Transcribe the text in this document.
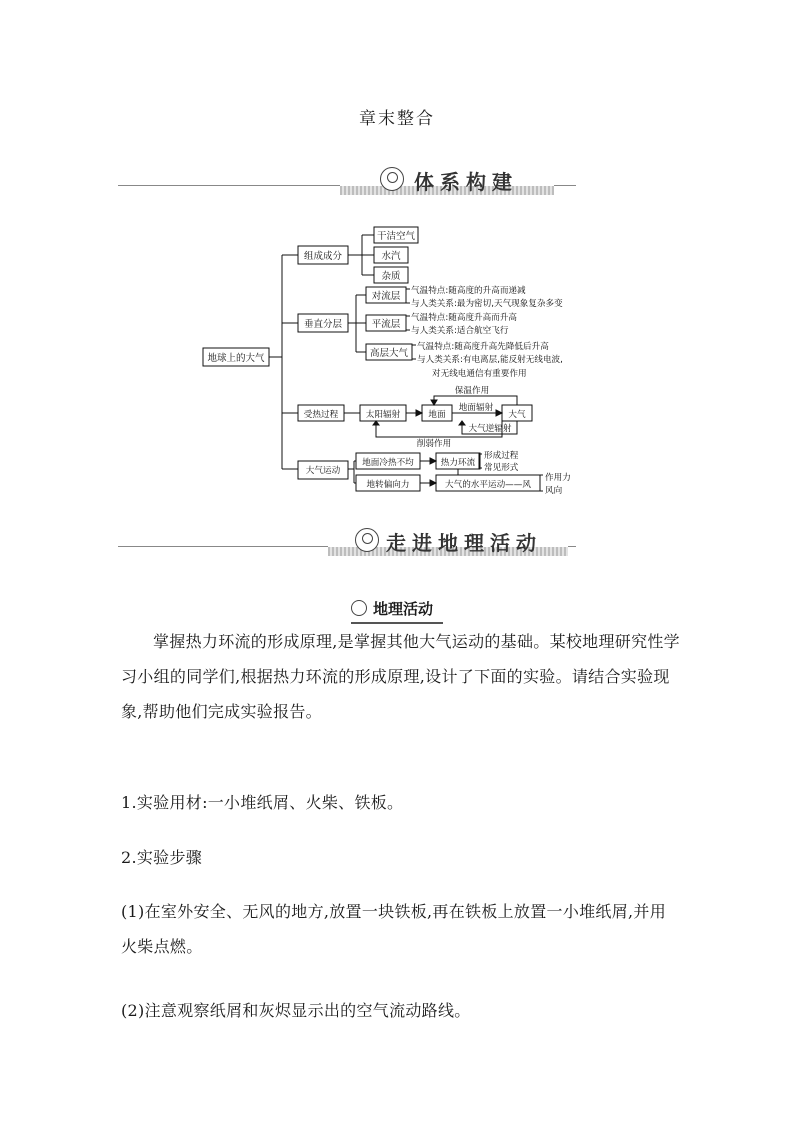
章末整合
体系构建
地球上的大气
组成成分
干洁空气
水汽
杂质
垂直分层
对流层
平流层
高层大气
气温特点:随高度的升高而递减
与人类关系:最为密切,天气现象复杂多变
气温特点:随高度升高而升高
与人类关系:适合航空飞行
气温特点:随高度升高先降低后升高
与人类关系:有电离层,能反射无线电波,
对无线电通信有重要作用
受热过程	太阳辐射	地面	大气
保温作用
地面辐射
大气逆辐射
削弱作用
大气运动
地面冷热不均
地转偏向力
热力环流
形成过程
常见形式
大气的水平运动——风
作用力
风向
走进地理活动
地理活动
掌握热力环流的形成原理,是掌握其他大气运动的基础。某校地理研究性学习小组的同学们,根据热力环流的形成原理,设计了下面的实验。请结合实验现象,帮助他们完成实验报告。
1.实验用材:一小堆纸屑、火柴、铁板。
2.实验步骤
(1)在室外安全、无风的地方,放置一块铁板,再在铁板上放置一小堆纸屑,并用火柴点燃。
(2)注意观察纸屑和灰烬显示出的空气流动路线。
